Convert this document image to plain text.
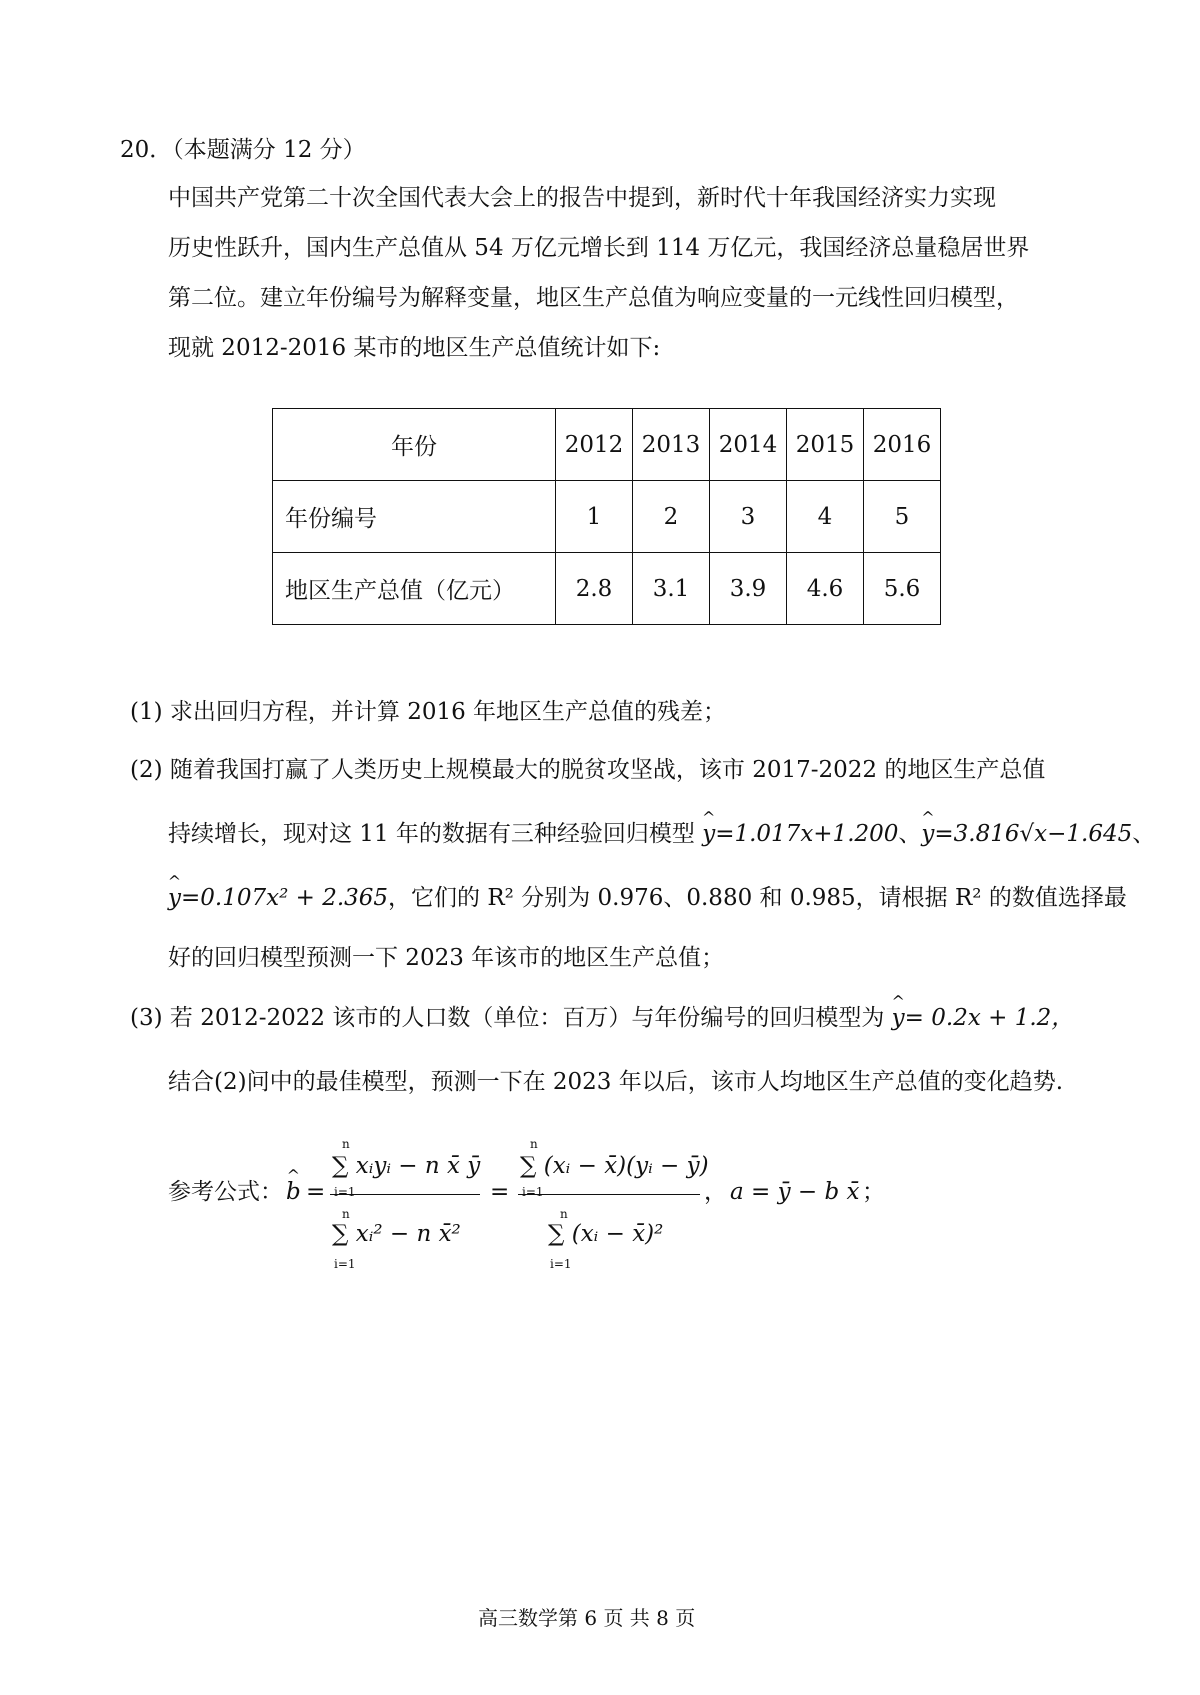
20．（本题满分 12 分）
中国共产党第二十次全国代表大会上的报告中提到，新时代十年我国经济实力实现
历史性跃升，国内生产总值从 54 万亿元增长到 114 万亿元，我国经济总量稳居世界
第二位。建立年份编号为解释变量，地区生产总值为响应变量的一元线性回归模型，
现就 2012-2016 某市的地区生产总值统计如下:
年份	2012	2013	2014	2015	2016
年份编号	1	2	3	4	5
地区生产总值（亿元）	2.8	3.1	3.9	4.6	5.6
(1) 求出回归方程，并计算 2016 年地区生产总值的残差；
(2) 随着我国打赢了人类历史上规模最大的脱贫攻坚战，该市 2017-2022 的地区生产总值
持续增长，现对这 11 年的数据有三种经验回归模型 ^ y=1.017x+1.200、^ y=3.816√x−1.645、
^ y=0.107x² + 2.365，它们的 R² 分别为 0.976、0.880 和 0.985，请根据 R² 的数值选择最
好的回归模型预测一下 2023 年该市的地区生产总值；
(3) 若 2012-2022 该市的人口数（单位：百万）与年份编号的回归模型为 ^ y= 0.2x + 1.2，
结合(2)问中的最佳模型，预测一下在 2023 年以后，该市人均地区生产总值的变化趋势.
参考公式： ^ b =
n
∑ xᵢyᵢ − n x̄ ȳ
i=1
n
∑ xᵢ² − n x̄²
i=1
=
n
∑ (xᵢ − x̄)(yᵢ − ȳ)
i=1
n
∑ (xᵢ − x̄)²
i=1
， a = ȳ − b x̄ ；
高三数学第 6 页 共 8 页
